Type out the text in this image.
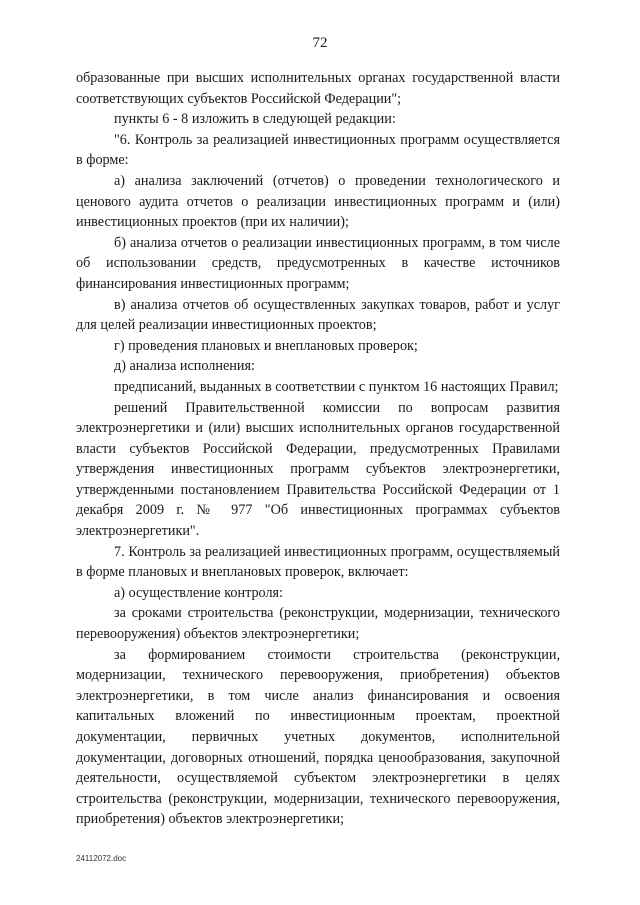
72

образованные при высших исполнительных органах государственной власти соответствующих субъектов Российской Федерации";

пункты 6 - 8 изложить в следующей редакции:

"6. Контроль за реализацией инвестиционных программ осуществляется в форме:

а) анализа заключений (отчетов) о проведении технологического и ценового аудита отчетов о реализации инвестиционных программ и (или) инвестиционных проектов (при их наличии);

б) анализа отчетов о реализации инвестиционных программ, в том числе об использовании средств, предусмотренных в качестве источников финансирования инвестиционных программ;

в) анализа отчетов об осуществленных закупках товаров, работ и услуг для целей реализации инвестиционных проектов;

г) проведения плановых и внеплановых проверок;

д) анализа исполнения:

предписаний, выданных в соответствии с пунктом 16 настоящих Правил;

решений Правительственной комиссии по вопросам развития электроэнергетики и (или) высших исполнительных органов государственной власти субъектов Российской Федерации, предусмотренных Правилами утверждения инвестиционных программ субъектов электроэнергетики, утвержденными постановлением Правительства Российской Федерации от 1 декабря 2009 г. № 977 "Об инвестиционных программах субъектов электроэнергетики".

7. Контроль за реализацией инвестиционных программ, осуществляемый в форме плановых и внеплановых проверок, включает:

а) осуществление контроля:

за сроками строительства (реконструкции, модернизации, технического перевооружения) объектов электроэнергетики;

за формированием стоимости строительства (реконструкции, модернизации, технического перевооружения, приобретения) объектов электроэнергетики, в том числе анализ финансирования и освоения капитальных вложений по инвестиционным проектам, проектной документации, первичных учетных документов, исполнительной документации, договорных отношений, порядка ценообразования, закупочной деятельности, осуществляемой субъектом электроэнергетики в целях строительства (реконструкции, модернизации, технического перевооружения, приобретения) объектов электроэнергетики;

24112072.doc
